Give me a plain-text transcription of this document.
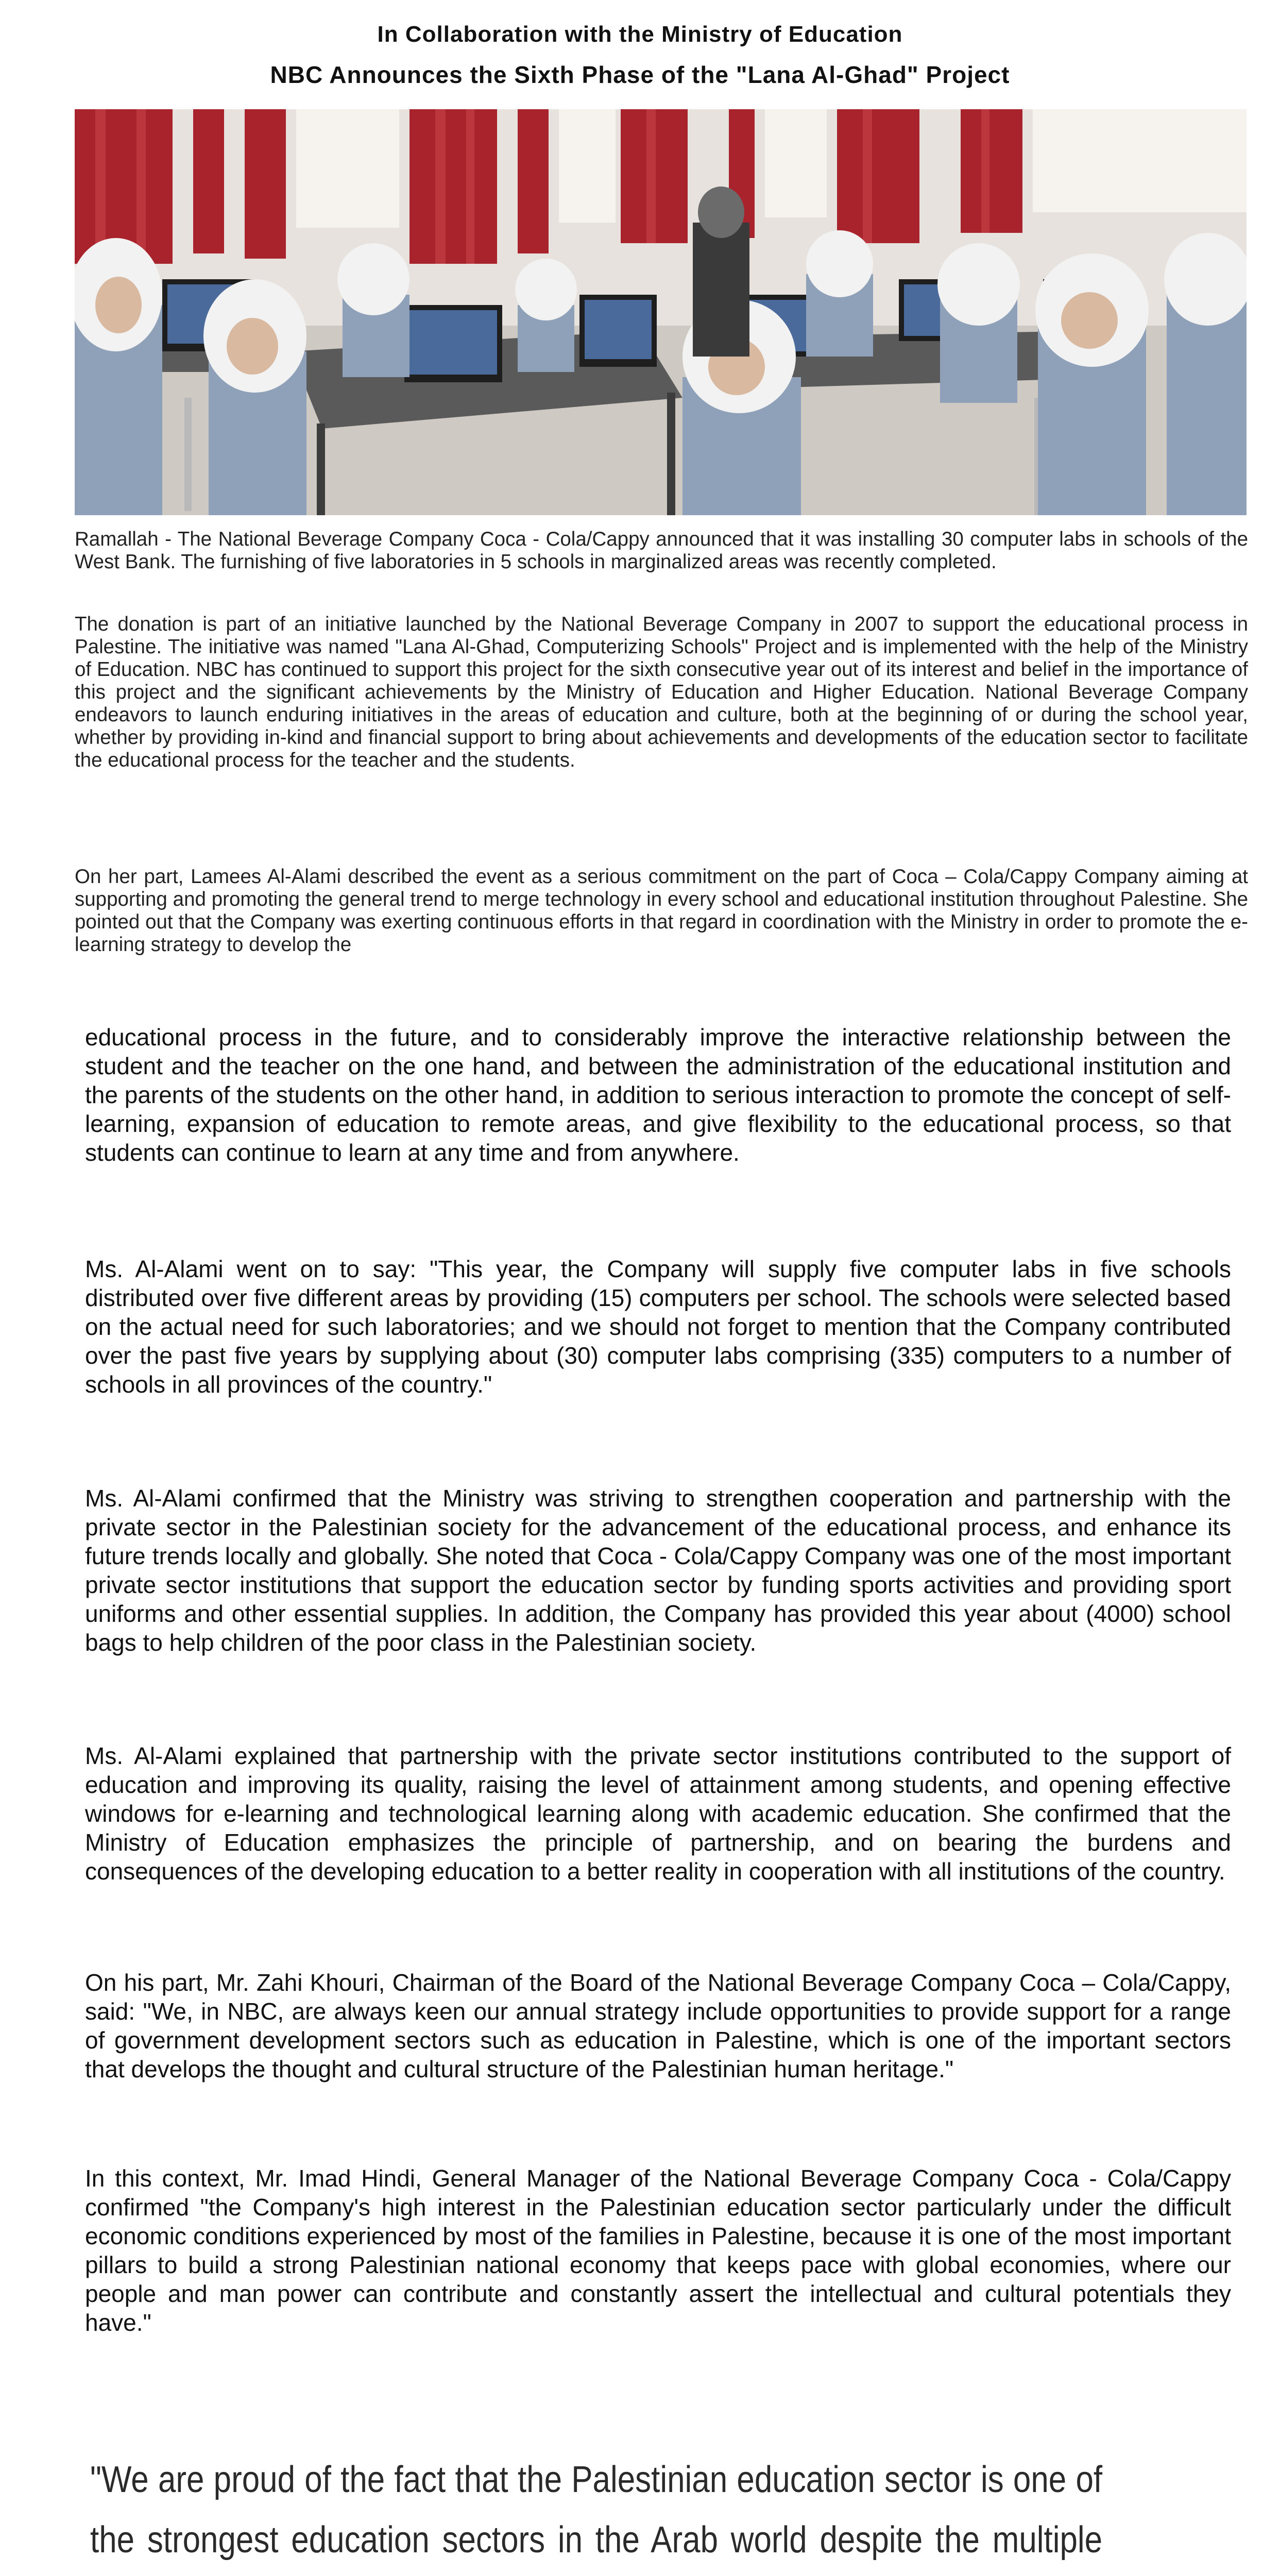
In Collaboration with the Ministry of Education
NBC Announces the Sixth Phase of the "Lana Al-Ghad" Project
Ramallah - The National Beverage Company Coca - Cola/Cappy announced that it was installing 30 computer labs in schools of the West Bank. The furnishing of five laboratories in 5 schools in marginalized areas was recently completed.
The donation is part of an initiative launched by the National Beverage Company in 2007 to support the educational process in Palestine. The initiative was named "Lana Al-Ghad, Computerizing Schools" Project and is implemented with the help of the Ministry of Education. NBC has continued to support this project for the sixth consecutive year out of its interest and belief in the importance of this project and the significant achievements by the Ministry of Education and Higher Education. National Beverage Company endeavors to launch enduring initiatives in the areas of education and culture, both at the beginning of or during the school year, whether by providing in-kind and financial support to bring about achievements and developments of the education sector to facilitate the educational process for the teacher and the students.
On her part, Lamees Al-Alami described the event as a serious commitment on the part of Coca – Cola/Cappy Company aiming at supporting and promoting the general trend to merge technology in every school and educational institution throughout Palestine. She pointed out that the Company was exerting continuous efforts in that regard in coordination with the Ministry in order to promote the e-learning strategy to develop the
educational process in the future, and to considerably improve the interactive relationship between the student and the teacher on the one hand, and between the administration of the educational institution and the parents of the students on the other hand, in addition to serious interaction to promote the concept of self-learning, expansion of education to remote areas, and give flexibility to the educational process, so that students can continue to learn at any time and from anywhere.
Ms. Al-Alami went on to say: "This year, the Company will supply five computer labs in five schools distributed over five different areas by providing (15) computers per school. The schools were selected based on the actual need for such laboratories; and we should not forget to mention that the Company contributed over the past five years by supplying about (30) computer labs comprising (335) computers to a number of schools in all provinces of the country."
Ms. Al-Alami confirmed that the Ministry was striving to strengthen cooperation and partnership with the private sector in the Palestinian society for the advancement of the educational process, and enhance its future trends locally and globally. She noted that Coca - Cola/Cappy Company was one of the most important private sector institutions that support the education sector by funding sports activities and providing sport uniforms and other essential supplies. In addition, the Company has provided this year about (4000) school bags to help children of the poor class in the Palestinian society.
Ms. Al-Alami explained that partnership with the private sector institutions contributed to the support of education and improving its quality, raising the level of attainment among students, and opening effective windows for e-learning and technological learning along with academic education. She confirmed that the Ministry of Education emphasizes the principle of partnership, and on bearing the burdens and consequences of the developing education to a better reality in cooperation with all institutions of the country.
On his part, Mr. Zahi Khouri, Chairman of the Board of the National Beverage Company Coca – Cola/Cappy, said: "We, in NBC, are always keen our annual strategy include opportunities to provide support for a range of government development sectors such as education in Palestine, which is one of the important sectors that develops the thought and cultural structure of the Palestinian human heritage."
In this context, Mr. Imad Hindi, General Manager of the National Beverage Company Coca - Cola/Cappy confirmed "the Company's high interest in the Palestinian education sector particularly under the difficult economic conditions experienced by most of the families in Palestine, because it is one of the most important pillars to build a strong Palestinian national economy that keeps pace with global economies, where our people and man power can contribute and constantly assert the intellectual and cultural potentials they have."
"We are proud of the fact that the Palestinian education sector is one of the strongest education sectors in the Arab world despite the multiple
